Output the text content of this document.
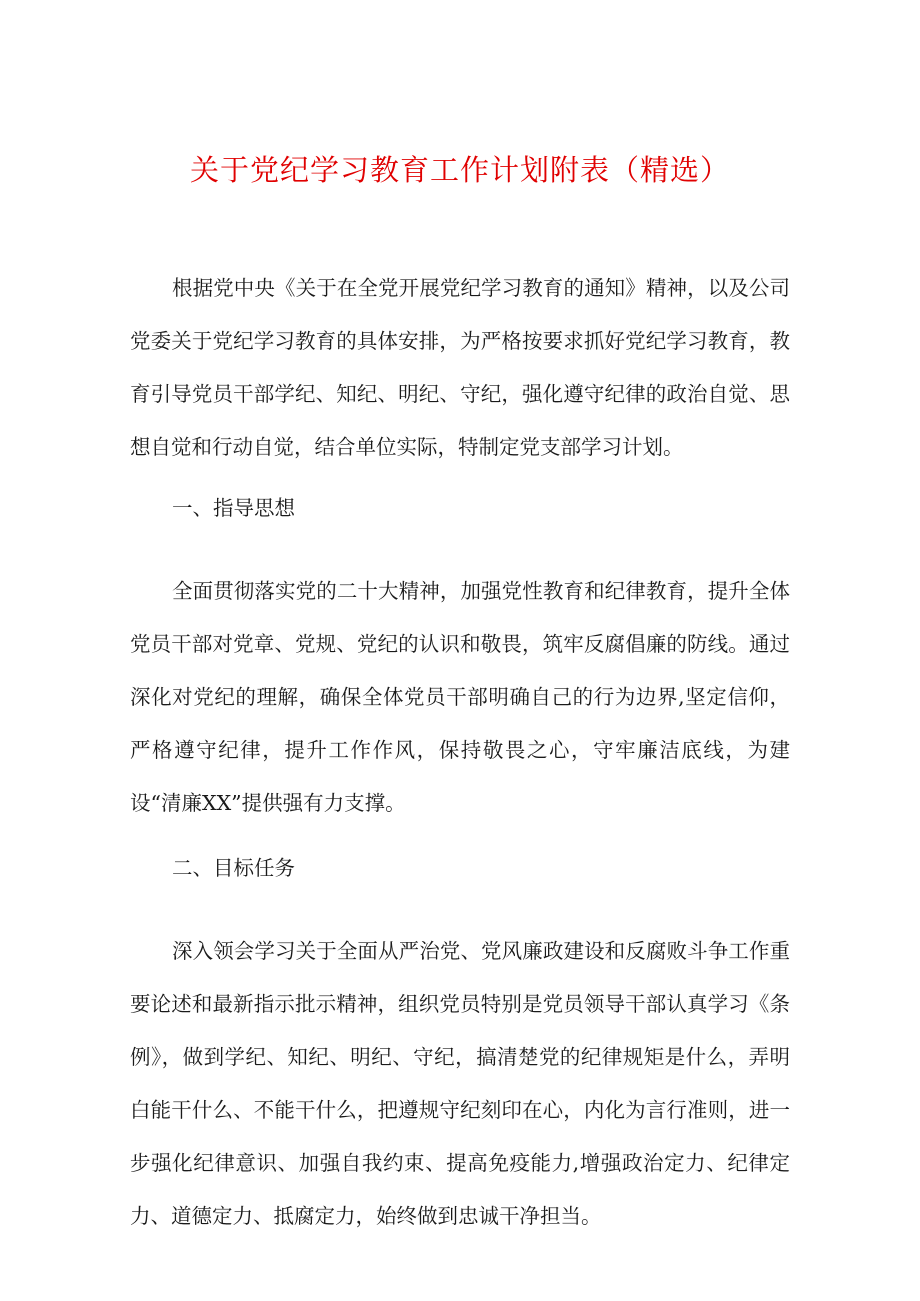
关于党纪学习教育工作计划附表（精选）

根据党中央《关于在全党开展党纪学习教育的通知》精神，以及公司党委关于党纪学习教育的具体安排，为严格按要求抓好党纪学习教育，教育引导党员干部学纪、知纪、明纪、守纪，强化遵守纪律的政治自觉、思想自觉和行动自觉，结合单位实际，特制定党支部学习计划。

一、指导思想

全面贯彻落实党的二十大精神，加强党性教育和纪律教育，提升全体党员干部对党章、党规、党纪的认识和敬畏，筑牢反腐倡廉的防线。通过深化对党纪的理解，确保全体党员干部明确自己的行为边界,坚定信仰，严格遵守纪律，提升工作作风，保持敬畏之心，守牢廉洁底线，为建设“清廉XX”提供强有力支撑。

二、目标任务

深入领会学习关于全面从严治党、党风廉政建设和反腐败斗争工作重要论述和最新指示批示精神，组织党员特别是党员领导干部认真学习《条例》，做到学纪、知纪、明纪、守纪，搞清楚党的纪律规矩是什么，弄明白能干什么、不能干什么，把遵规守纪刻印在心，内化为言行准则，进一步强化纪律意识、加强自我约束、提高免疫能力,增强政治定力、纪律定力、道德定力、抵腐定力，始终做到忠诚干净担当。
